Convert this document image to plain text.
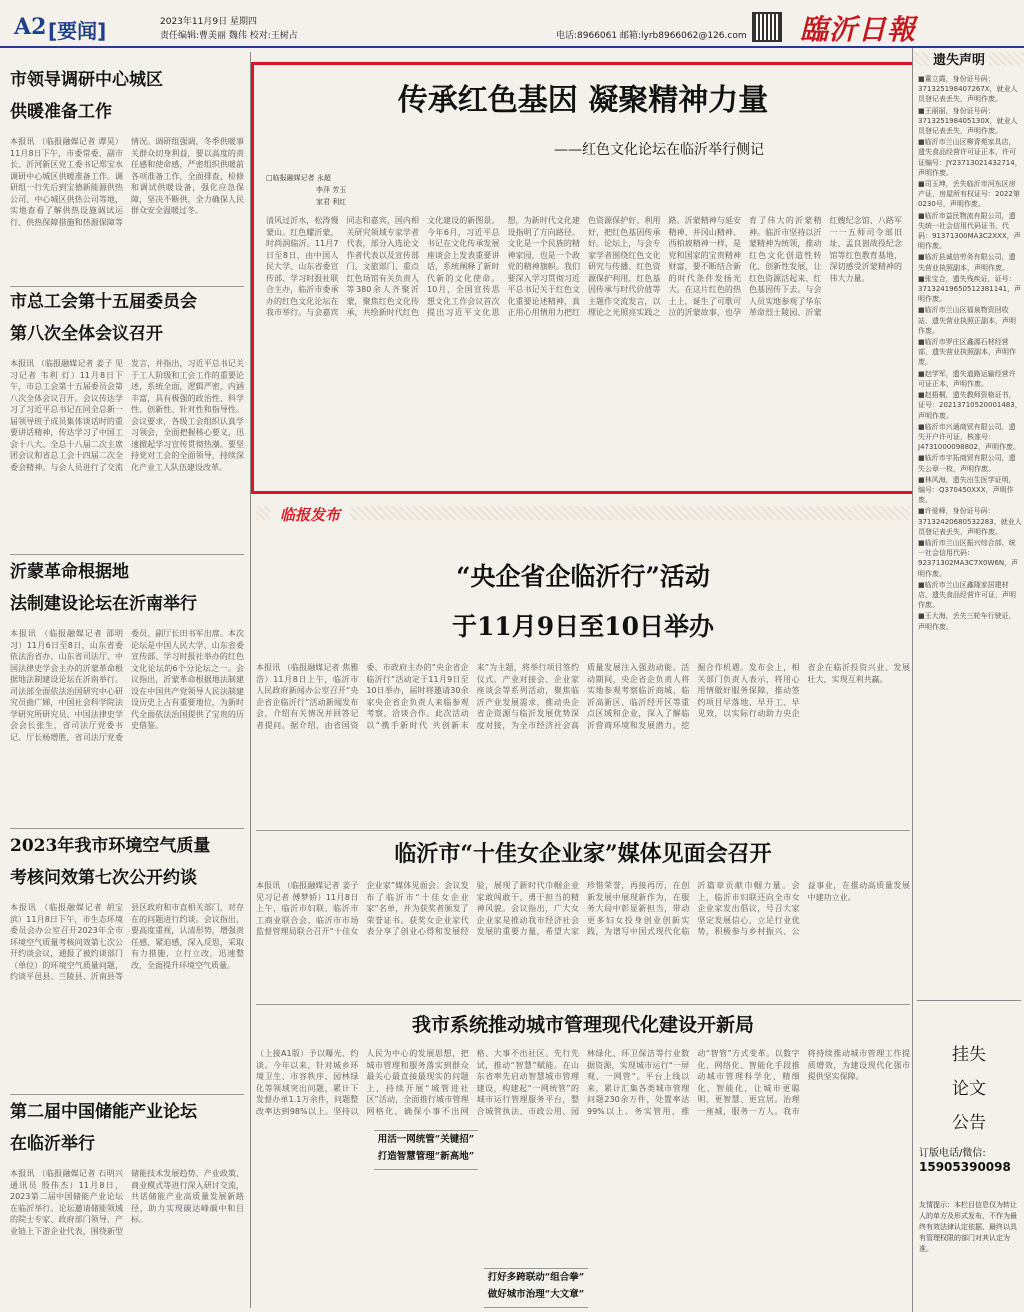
A2 [要闻]	2023年11月9日 星期四
责任编辑:曹美丽 魏伟 校对:王树占	电话:8966061 邮箱:lyrb8966062@126.com 臨沂日報
市领导调研中心城区
供暖准备工作
本报讯 （临报融媒记者 谭昊）11月8日下午，市委常委、副市长、沂河新区党工委书记郑宝水调研中心城区供暖准备工作。调研组一行先后到宝德新能源供热公司、中心城区供热公司等地，实地查看了解供热设施调试运行、供热保障措施和热源保障等情况。调研组强调，冬季供暖事关群众切身利益，要以高度的责任感和使命感，严密组织供暖前各项准备工作，全面排查、检修和调试供暖设备，强化应急保障，坚决不断供，全力确保人民群众安全温暖过冬。
市总工会第十五届委员会
第八次全体会议召开
本报讯 （临报融媒记者 姜子 见习记者 韦利 灯）11月8日下午，市总工会第十五届委员会第八次全体会议召开。会议传达学习了习近平总书记在同全总新一届领导班子成员集体谈话时的重要讲话精神，传达学习了中国工会十八大、全总十八届二次主席团会议和省总工会十四届二次全委会精神。与会人员进行了交流发言，并指出，习近平总书记关于工人阶级和工会工作的重要论述，系统全面，逻辑严密，内涵丰富，具有极强的政治性、科学性、创新性、针对性和指导性。会议要求，各级工会组织认真学习领会，全面把握核心要义，迅速掀起学习宣传贯彻热潮。要坚持党对工会的全面领导，持续深化产业工人队伍建设改革。
沂蒙革命根据地
法制建设论坛在沂南举行
本报讯 （临报融媒记者 邵明习）11月6日至8日，山东省委依法治省办、山东省司法厅、中国法律史学会主办的沂蒙革命根据地法制建设论坛在沂南举行。司法部全面依法治国研究中心研究员曲广娣，中国社会科学院法学研究所研究员、中国法律史学会会长张生，省司法厅党委书记、厅长杨增胜，省司法厅党委委员、副厅长田书军出席。本次论坛是中国人民大学、山东省委宣传部、学习时报社举办的红色文化论坛的6个分论坛之一。会议指出，沂蒙革命根据地法制建设在中国共产党领导人民法制建设历史上占有重要地位，为新时代全面依法治国提供了宝贵的历史借鉴。
2023年我市环境空气质量
考核问效第七次公开约谈
本报讯 （临报融媒记者 胡宝滨）11月8日下午，市生态环境委员会办公室召开2023年全市环境空气质量考核问效第七次公开约谈会议，通报了被约谈部门（单位）的环境空气质量问题，约谈平邑县、兰陵县、沂南县等县区政府和市直相关部门，对存在的问题进行约谈。会议指出，要高度重视，认清形势，增强责任感、紧迫感，深入反思，采取有力措施，立行立改，迅速整改，全面提升环境空气质量。
第二届中国储能产业论坛
在临沂举行
本报讯 （临报融媒记者 石明兴 通讯员 殷伟杰）11月8日，2023第二届中国储能产业论坛在临沂举行。论坛邀请储能领域的院士专家、政府部门领导、产业链上下游企业代表，围绕新型储能技术发展趋势、产业政策、商业模式等进行深入研讨交流，共话储能产业高质量发展新路径，助力实现碳达峰碳中和目标。
传承红色基因 凝聚精神力量
——红色文化论坛在临沂举行侧记
□临报融媒记者 永超
李萍 芳玉
家君 利红
清风过沂水，松涛慢蒙山。红色耀沂蒙，时尚润临沂。11月7日至8日，由中国人民大学、山东省委宣传部、学习时报社联合主办，临沂市委承办的红色文化论坛在我市举行。与会嘉宾同志和嘉宾，国内相关研究领域专家学者代表，部分入选论文作者代表以及宣传部门、文旅部门、重点红色场馆有关负责人等380余人齐聚沂蒙，聚焦红色文化传承，共绘新时代红色文化建设的新图景。今年6月，习近平总书记在文化传承发展座谈会上发表重要讲话，系统阐释了新时代新的文化使命。10月，全国宣传思想文化工作会议首次提出习近平文化思想，为新时代文化建设指明了方向路径。文化是一个民族的精神家园，也是一个政党的精神旗帜。我们要深入学习贯彻习近平总书记关于红色文化重要论述精神，真正用心用情用力把红色资源保护好、利用好，把红色基因传承好。论坛上，与会专家学者围绕红色文化研究与传播、红色资源保护利用、红色基因传承与时代价值等主题作交流发言，以理论之光照亮实践之路。沂蒙精神与延安精神、井冈山精神、西柏坡精神一样，是党和国家的宝贵精神财富，要不断结合新的时代条件发扬光大。在这片红色的热土上，诞生了可歌可泣的沂蒙故事，也孕育了伟大的沂蒙精神。临沂市坚持以沂蒙精神为统领，推动红色文化创造性转化、创新性发展，让红色资源活起来、红色基因传下去。与会人员实地参观了华东革命烈士陵园、沂蒙红嫂纪念馆、八路军一一五师司令部旧址、孟良崮战役纪念馆等红色教育基地，深切感受沂蒙精神的伟大力量。
临报发布
“央企省企临沂行”活动
于11月9日至10日举办
本报讯 （临报融媒记者 焦雅浩）11月8日上午，临沂市人民政府新闻办公室召开“央企省企临沂行”活动新闻发布会，介绍有关情况并回答记者提问。据介绍，由省国资委、市政府主办的“央企省企临沂行”活动定于11月9日至10日举办，届时将邀请30余家央企省企负责人来临参观考察、洽谈合作。此次活动以“携手新时代 共创新未来”为主题，将举行项目签约仪式、产业对接会、企业家座谈会等系列活动，聚焦临沂产业发展需求，推动央企省企资源与临沂发展优势深度对接，为全市经济社会高质量发展注入强劲动能。活动期间，央企省企负责人将实地参观考察临沂商城、临沂高新区、临沂经开区等重点区域和企业，深入了解临沂营商环境和发展潜力，挖掘合作机遇。发布会上，相关部门负责人表示，将用心用情做好服务保障，推动签约项目早落地、早开工、早见效，以实际行动助力央企省企在临沂投资兴业、发展壮大，实现互利共赢。
临沂市“十佳女企业家”媒体见面会召开
本报讯 （临报融媒记者 姜子 见习记者 傅梦娇）11月8日上午，临沂市妇联、临沂市工商业联合会、临沂市市场监督管理局联合召开“十佳女企业家”媒体见面会。会议发布了临沂市“十佳女企业家”名单，并为获奖者颁发了荣誉证书。获奖女企业家代表分享了创业心得和发展经验，展现了新时代巾帼企业家敢闯敢干、勇于担当的精神风貌。会议指出，广大女企业家是推动我市经济社会发展的重要力量，希望大家珍惜荣誉，再接再厉，在创新发展中展现新作为，在服务大局中彰显新担当，带动更多妇女投身创业创新实践，为谱写中国式现代化临沂篇章贡献巾帼力量。会上，临沂市妇联还向全市女企业家发出倡议，号召大家坚定发展信心，立足行业优势，积极参与乡村振兴、公益事业，在推动高质量发展中建功立业。
我市系统推动城市管理现代化建设开新局
（上接A1版）予以曝光、约谈。今年以来，针对城乡环境卫生、市容秩序、园林绿化等领域突出问题，累计下发督办单1.1万余件，问题整改率达到98%以上。坚持以人民为中心的发展思想，把城市管理和服务落实到群众最关心最直接最现实的问题上，持续开展“城管进社区”活动，全面推行城市管理网格化，确保小事不出网格、大事不出社区。先行先试，推动“智慧”赋能。在山东省率先启动智慧城市管理建设，构建起“一网统管”的城市运行管理服务平台，整合城管执法、市政公用、园林绿化、环卫保洁等行业数据资源，实现城市运行“一屏观、一网管”。平台上线以来，累计汇集各类城市管理问题230余万件，处置率达99%以上。务实管用，推动“智管”方式变革。以数字化、网络化、智能化手段推动城市管理科学化、精细化、智能化，让城市更聪明、更智慧、更宜居。治理一座城，服务一方人。我市将持续推动城市管理工作提质增效，为建设现代化强市提供坚实保障。
用活一网统管“关键招”
打造智慧管理“新高地”
打好多跨联动“组合拳”
做好城市治理“大文章”
遗失声明
■董立霞，身份证号码：371325198407267X，就业人员登记表丢失，声明作废。
■王丽丽，身份证号码：371325198405130X，就业人员登记表丢失，声明作废。
■临沂市兰山区柳青苑家具店，遗失食品经营许可证正本，许可证编号：JY23713021432714，声明作废。
■司玉坤，丢失临沂市河东区房产证，房屋所有权证号：2022第0230号，声明作废。
■临沂市益民物流有限公司，遗失统一社会信用代码证书，代码：91371300MA3C2XXX，声明作废。
■临沂县诚信劳务有限公司，遗失营业执照副本，声明作废。
■张宝合，遗失残疾证，证号：37132419650512381141，声明作废。
■临沂市兰山区福泉物资回收站，遗失营业执照正副本，声明作废。
■临沂市罗庄区鑫源石材经营部，遗失营业执照副本，声明作废。
■赵学军，遗失道路运输经营许可证正本，声明作废。
■赵梧桐，遗失教师资格证书，证号：20213710520001483，声明作废。
■临沂市兴通商贸有限公司，遗失开户许可证，核准号：J4731000098802，声明作废。
■临沂市宇拓商贸有限公司，遗失公章一枚，声明作废。
■林风海，遗失出生医学证明，编号：Q370450XXX，声明作废。
■许爱峰，身份证号码：37132420680532283，就业人员登记表丢失，声明作废。
■临沂市兰山区振兴综合部，统一社会信用代码：92371302MA3C7X0W6N，声明作废。
■临沂市兰山区鑫隆家居建材店，遗失食品经营许可证，声明作废。
■王大海，丢失三轮车行驶证，声明作废。
挂失
论文
公告
订版电话/微信:
15905390098
友情提示：本栏目信息仅为转让人的单方及形式发布，不作为最终有效法律认定依据，最终以具有管理权限的部门对其认定为准。
